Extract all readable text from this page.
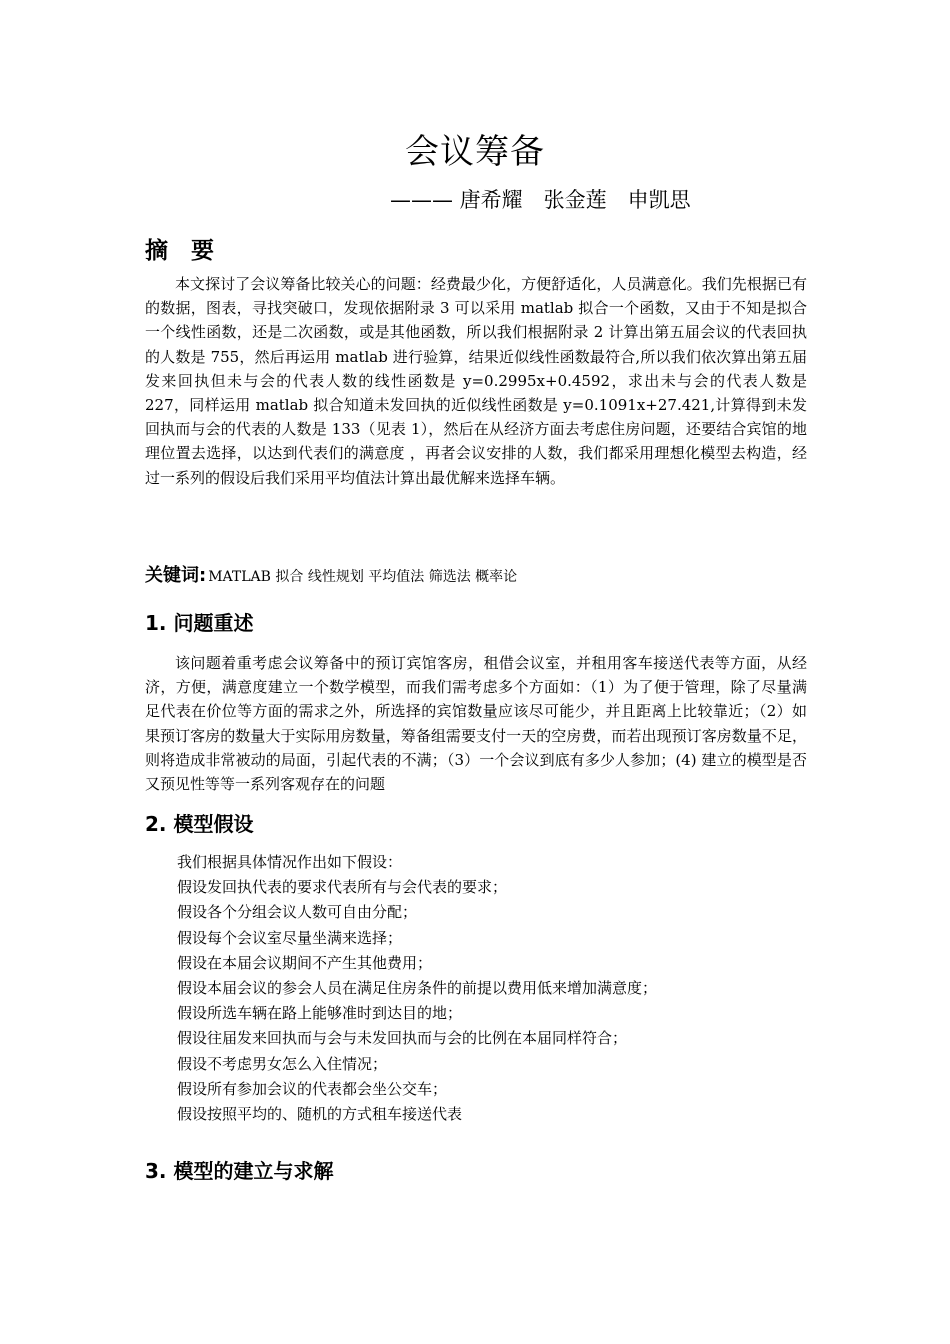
会议筹备
——— 唐希耀　张金莲　申凯思
摘　要
本文探讨了会议筹备比较关心的问题：经费最少化，方便舒适化，人员满意化。我们先根据已有的数据，图表，寻找突破口，发现依据附录 3 可以采用 matlab 拟合一个函数，又由于不知是拟合一个线性函数，还是二次函数，或是其他函数，所以我们根据附录 2 计算出第五届会议的代表回执的人数是 755，然后再运用 matlab 进行验算，结果近似线性函数最符合,所以我们依次算出第五届发来回执但未与会的代表人数的线性函数是 y=0.2995x+0.4592，求出未与会的代表人数是 227，同样运用 matlab 拟合知道未发回执的近似线性函数是 y=0.1091x+27.421,计算得到未发回执而与会的代表的人数是 133（见表 1），然后在从经济方面去考虑住房问题，还要结合宾馆的地理位置去选择，以达到代表们的满意度 ，再者会议安排的人数，我们都采用理想化模型去构造，经过一系列的假设后我们采用平均值法计算出最优解来选择车辆。
关键词: MATLAB 拟合 线性规划 平均值法 筛选法 概率论
1. 问题重述
该问题着重考虑会议筹备中的预订宾馆客房，租借会议室，并租用客车接送代表等方面，从经济，方便，满意度建立一个数学模型，而我们需考虑多个方面如：（1）为了便于管理，除了尽量满足代表在价位等方面的需求之外，所选择的宾馆数量应该尽可能少，并且距离上比较靠近；（2）如果预订客房的数量大于实际用房数量，筹备组需要支付一天的空房费，而若出现预订客房数量不足，则将造成非常被动的局面，引起代表的不满；（3）一个会议到底有多少人参加；(4) 建立的模型是否又预见性等等一系列客观存在的问题
2. 模型假设
我们根据具体情况作出如下假设：
假设发回执代表的要求代表所有与会代表的要求；
假设各个分组会议人数可自由分配；
假设每个会议室尽量坐满来选择；
假设在本届会议期间不产生其他费用；
假设本届会议的参会人员在满足住房条件的前提以费用低来增加满意度；
假设所选车辆在路上能够准时到达目的地；
假设往届发来回执而与会与未发回执而与会的比例在本届同样符合；
假设不考虑男女怎么入住情况；
假设所有参加会议的代表都会坐公交车；
假设按照平均的、随机的方式租车接送代表
3. 模型的建立与求解
